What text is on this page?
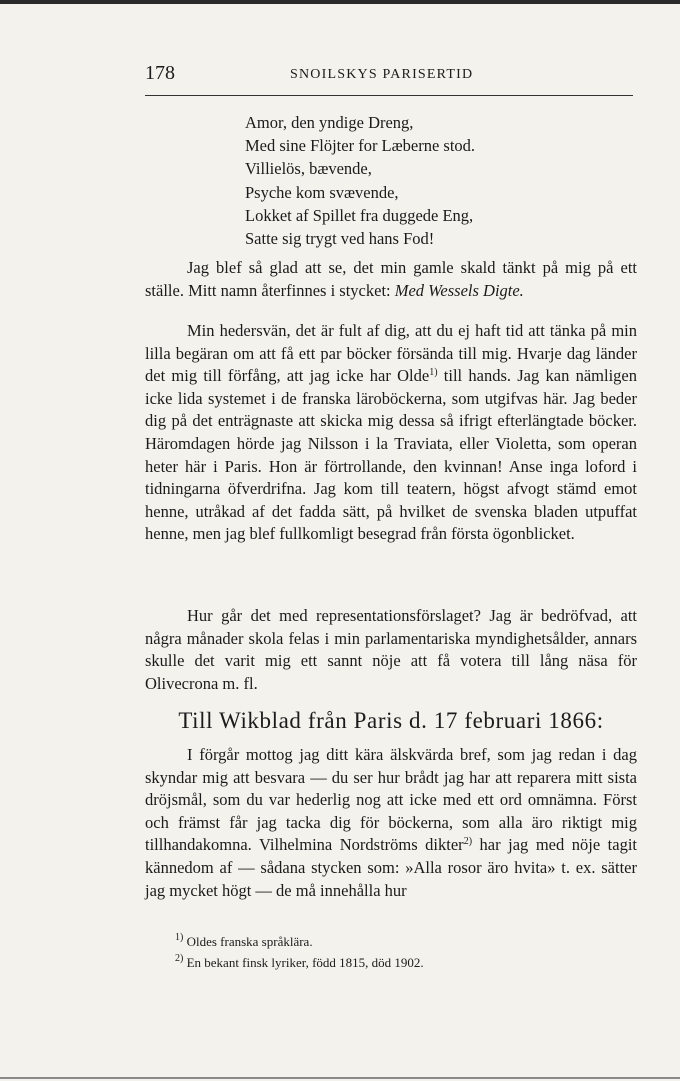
178	SNOILSKYS PARISERTID
Amor, den yndige Dreng,
Med sine Flöjter for Læberne stod.
Villielös, bævende,
Psyche kom svævende,
Lokket af Spillet fra duggede Eng,
Satte sig trygt ved hans Fod!

Jag blef så glad att se, det min gamle skald tänkt på mig på ett ställe. Mitt namn återfinnes i stycket: Med Wessels Digte.

Min hedersvän, det är fult af dig, att du ej haft tid att tänka på min lilla begäran om att få ett par böcker försända till mig. Hvarje dag länder det mig till förfång, att jag icke har Olde$^{1)}$ till hands. Jag kan nämligen icke lida systemet i de franska läroböckerna, som utgifvas här. Jag beder dig på det enträgnaste att skicka mig dessa så ifrigt efterlängtade böcker. Häromdagen hörde jag Nilsson i la Traviata, eller Violetta, som operan heter här i Paris. Hon är förtrollande, den kvinnan! Anse inga loford i tidningarna öfverdrifna. Jag kom till teatern, högst afvogt stämd emot henne, utråkad af det fadda sätt, på hvilket de svenska bladen utpuffat henne, men jag blef fullkomligt besegrad från första ögonblicket.

Hur går det med representationsförslaget? Jag är bedröfvad, att några månader skola felas i min parlamentariska myndighetsålder, annars skulle det varit mig ett sannt nöje att få votera till lång näsa för Olivecrona m. fl.

Till Wikblad från Paris d. 17 februari 1866:

I förgår mottog jag ditt kära älskvärda bref, som jag redan i dag skyndar mig att besvara — du ser hur brådt jag har att reparera mitt sista dröjsmål, som du var hederlig nog att icke med ett ord omnämna. Först och främst får jag tacka dig för böckerna, som alla äro riktigt mig tillhandakomna. Vilhelmina Nordströms dikter$^{2)}$ har jag med nöje tagit kännedom af — sådana stycken som: »Alla rosor äro hvita» t. ex. sätter jag mycket högt — de må innehålla hur

$^{1)}$ Oldes franska språklära.
$^{2)}$ En bekant finsk lyriker, född 1815, död 1902.
